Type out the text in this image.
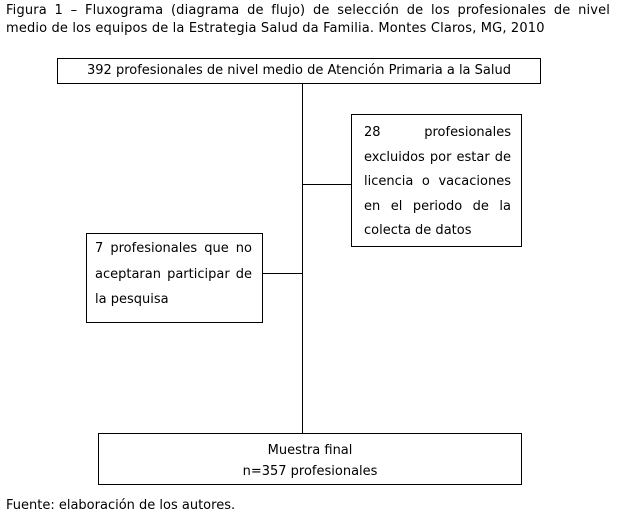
Figura 1 – Fluxograma (diagrama de flujo) de selección de los profesionales de nivel medio de los equipos de la Estrategia Salud da Familia. Montes Claros, MG, 2010
392 profesionales de nivel medio de Atención Primaria a la Salud
28 profesionales excluidos por estar de licencia o vacaciones en el periodo de la colecta de datos
7 profesionales que no aceptaran participar de la pesquisa
Muestra final
n=357 profesionales
Fuente: elaboración de los autores.
